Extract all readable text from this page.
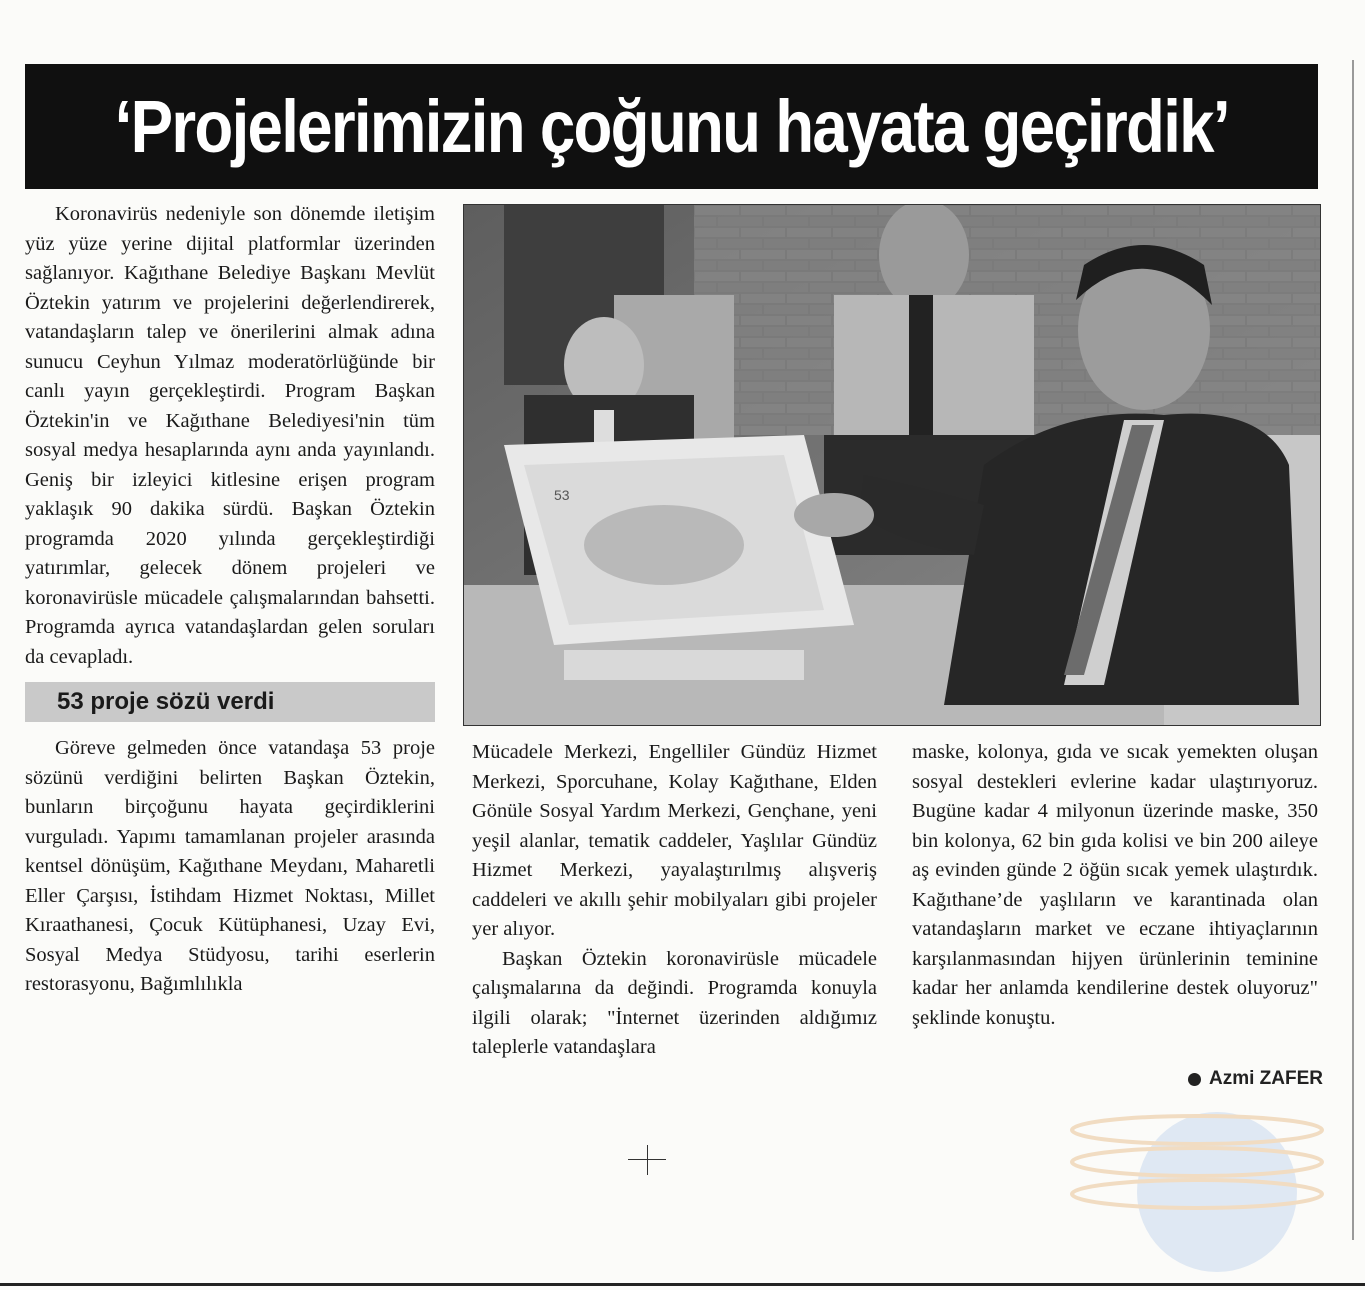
‘Projelerimizin çoğunu hayata geçirdik’

Koronavirüs nedeniyle son dönemde iletişim yüz yüze yerine dijital platformlar üzerinden sağlanıyor. Kağıthane Belediye Başkanı Mevlüt Öztekin yatırım ve projelerini değerlendirerek, vatandaşların talep ve önerilerini almak adına sunucu Ceyhun Yılmaz moderatörlüğünde bir canlı yayın gerçekleştirdi. Program Başkan Öztekin'in ve Kağıthane Belediyesi'nin tüm sosyal medya hesaplarında aynı anda yayınlandı. Geniş bir izleyici kitlesine erişen program yaklaşık 90 dakika sürdü. Başkan Öztekin programda 2020 yılında gerçekleştirdiği yatırımlar, gelecek dönem projeleri ve koronavirüsle mücadele çalışmalarından bahsetti. Programda ayrıca vatandaşlardan gelen soruları da cevapladı.

53 proje sözü verdi

Göreve gelmeden önce vatandaşa 53 proje sözünü verdiğini belirten Başkan Öztekin, bunların birçoğunu hayata geçirdiklerini vurguladı. Yapımı tamamlanan projeler arasında kentsel dönüşüm, Kağıthane Meydanı, Maharetli Eller Çarşısı, İstihdam Hizmet Noktası, Millet Kıraathanesi, Çocuk Kütüphanesi, Uzay Evi, Sosyal Medya Stüdyosu, tarihi eserlerin restorasyonu, Bağımlılıkla

53

Mücadele Merkezi, Engelliler Gündüz Hizmet Merkezi, Sporcuhane, Kolay Kağıthane, Elden Gönüle Sosyal Yardım Merkezi, Gençhane, yeni yeşil alanlar, tematik caddeler, Yaşlılar Gündüz Hizmet Merkezi, yayalaştırılmış alışveriş caddeleri ve akıllı şehir mobilyaları gibi projeler yer alıyor.

Başkan Öztekin koronavirüsle mücadele çalışmalarına da değindi. Programda konuyla ilgili olarak; "İnternet üzerinden aldığımız taleplerle vatandaşlara

maske, kolonya, gıda ve sıcak yemekten oluşan sosyal destekleri evlerine kadar ulaştırıyoruz. Bugüne kadar 4 milyonun üzerinde maske, 350 bin kolonya, 62 bin gıda kolisi ve bin 200 aileye aş evinden günde 2 öğün sıcak yemek ulaştırdık. Kağıthane’de yaşlıların ve karantinada olan vatandaşların market ve eczane ihtiyaçlarının karşılanmasından hijyen ürünlerinin teminine kadar her anlamda kendilerine destek oluyoruz" şeklinde konuştu.

Azmi ZAFER
